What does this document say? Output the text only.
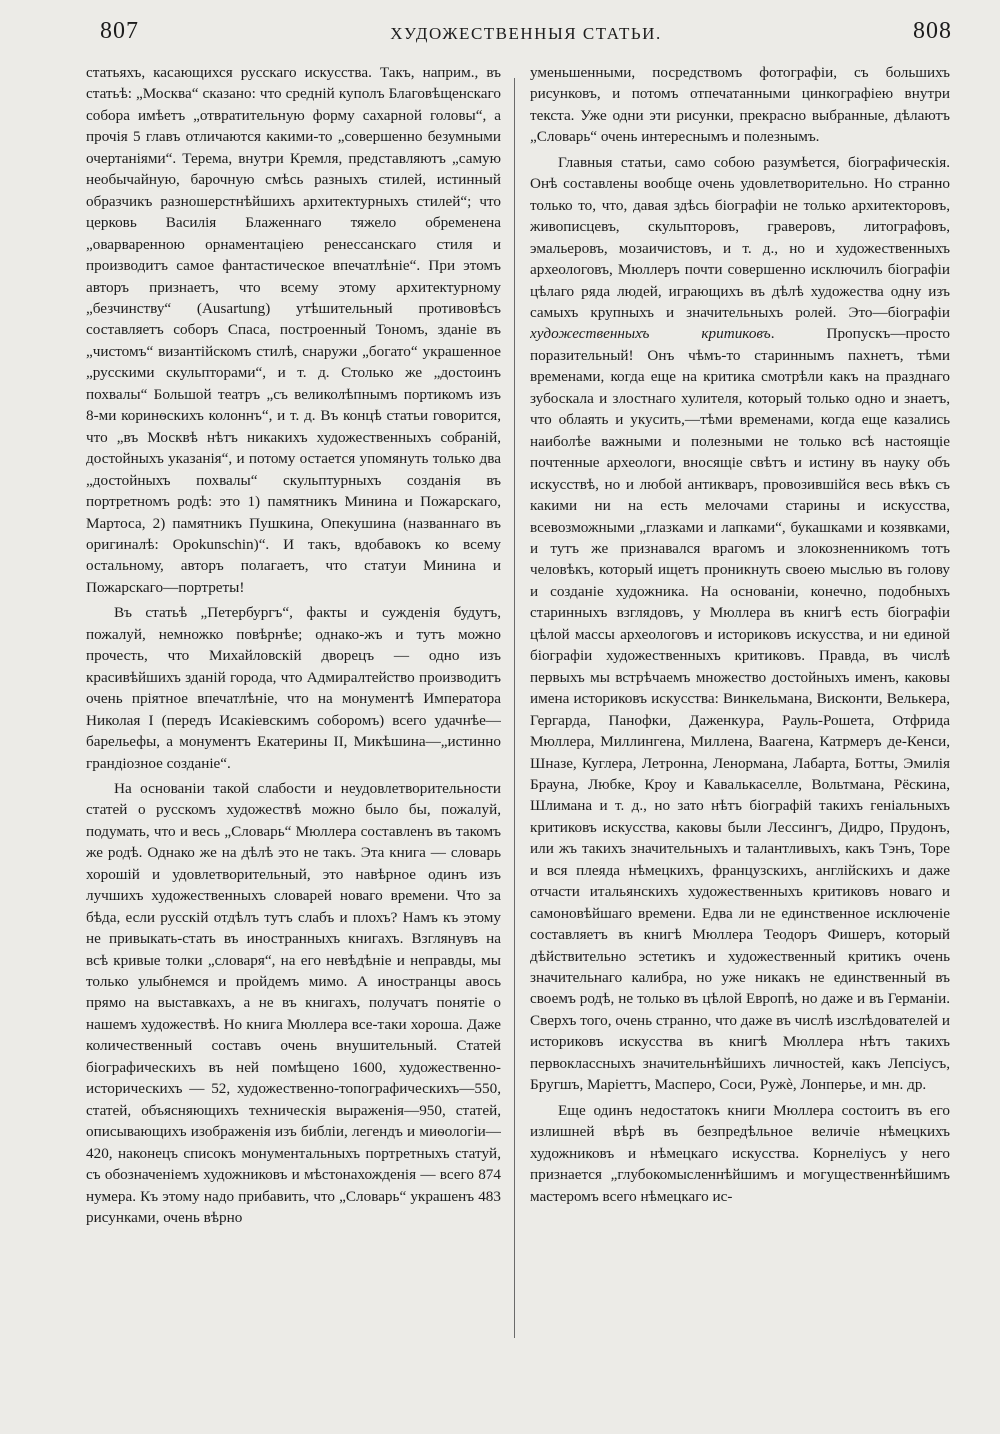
807	ХУДОЖЕСТВЕННЫЯ СТАТЬИ.	808

статьяхъ, касающихся русскаго искусства. Такъ, наприм., въ статьѣ: „Москва“ сказано: что средній куполъ Благовѣщенскаго собора имѣетъ „отвратительную форму сахарной головы“, а прочія 5 главъ отличаются какими-то „совершенно безумными очертаніями“. Терема, внутри Кремля, представляютъ „самую необычайную, барочную смѣсь разныхъ стилей, истинный образчикъ разношерстнѣйшихъ архитектурныхъ стилей“; что церковь Василія Блаженнаго тяжело обременена „оварваренною орнаментаціею ренессанскаго стиля и производитъ самое фантастическое впечатлѣніе“. При этомъ авторъ признаетъ, что всему этому архитектурному „безчинству“ (Ausartung) утѣшительный противовѣсъ составляетъ соборъ Спаса, построенный Тономъ, зданіе въ „чистомъ“ византійскомъ стилѣ, снаружи „богато“ украшенное „русскими скульпторами“, и т. д. Столько же „достоинъ похвалы“ Большой театръ „съ великолѣпнымъ портикомъ изъ 8-ми коринѳскихъ колоннъ“, и т. д. Въ концѣ статьи говорится, что „въ Москвѣ нѣтъ никакихъ художественныхъ собраній, достойныхъ указанія“, и потому остается упомянуть только два „достойныхъ похвалы“ скульптурныхъ созданія въ портретномъ родѣ: это 1) памятникъ Минина и Пожарскаго, Мартоса, 2) памятникъ Пушкина, Опекушина (названнаго въ оригиналѣ: Opokunschin)“. И такъ, вдобавокъ ко всему остальному, авторъ полагаетъ, что статуи Минина и Пожарскаго—портреты!

Въ статьѣ „Петербургъ“, факты и сужденія будутъ, пожалуй, немножко повѣрнѣе; однако-жъ и тутъ можно прочесть, что Михайловскій дворецъ — одно изъ красивѣйшихъ зданій города, что Адмиралтейство производитъ очень пріятное впечатлѣніе, что на монументѣ Императора Николая I (передъ Исакіевскимъ соборомъ) всего удачнѣе—барельефы, а монументъ Екатерины II, Микѣшина—„истинно грандіозное созданіе“.

На основаніи такой слабости и неудовлетворительности статей о русскомъ художествѣ можно было бы, пожалуй, подумать, что и весь „Словарь“ Мюллера составленъ въ такомъ же родѣ. Однако же на дѣлѣ это не такъ. Эта книга — словарь хорошій и удовлетворительный, это навѣрное одинъ изъ лучшихъ художественныхъ словарей новаго времени. Что за бѣда, если русскій отдѣлъ тутъ слабъ и плохъ? Намъ къ этому не привыкать-стать въ иностранныхъ книгахъ. Взглянувъ на всѣ кривые толки „словаря“, на его невѣдѣніе и неправды, мы только улыбнемся и пройдемъ мимо. А иностранцы авось прямо на выставкахъ, а не въ книгахъ, получатъ понятіе о нашемъ художествѣ. Но книга Мюллера все-таки хороша. Даже количественный составъ очень внушительный. Статей біографическихъ въ ней помѣщено 1600, художественно-историческихъ — 52, художественно-топографическихъ—550, статей, объясняющихъ техническія выраженія—950, статей, описывающихъ изображенія изъ библіи, легендъ и миѳологіи—420, наконецъ списокъ монументальныхъ портретныхъ статуй, съ обозначеніемъ художниковъ и мѣстонахожденія — всего 874 нумера. Къ этому надо прибавить, что „Словарь“ украшенъ 483 рисунками, очень вѣрно

уменьшенными, посредствомъ фотографіи, съ большихъ рисунковъ, и потомъ отпечатанными цинкографіею внутри текста. Уже одни эти рисунки, прекрасно выбранные, дѣлаютъ „Словарь“ очень интереснымъ и полезнымъ.

Главныя статьи, само собою разумѣется, біографическія. Онѣ составлены вообще очень удовлетворительно. Но странно только то, что, давая здѣсь біографіи не только архитекторовъ, живописцевъ, скульпторовъ, граверовъ, литографовъ, эмальеровъ, мозаичистовъ, и т. д., но и художественныхъ археологовъ, Мюллеръ почти совершенно исключилъ біографіи цѣлаго ряда людей, играющихъ въ дѣлѣ художества одну изъ самыхъ крупныхъ и значительныхъ ролей. Это—біографіи художественныхъ критиковъ. Пропускъ—просто поразительный! Онъ чѣмъ-то стариннымъ пахнетъ, тѣми временами, когда еще на критика смотрѣли какъ на празднаго зубоскала и злостнаго хулителя, который только одно и знаетъ, что облаять и укусить,—тѣми временами, когда еще казались наиболѣе важными и полезными не только всѣ настоящіе почтенные археологи, вносящіе свѣтъ и истину въ науку объ искусствѣ, но и любой антикваръ, провозившійся весь вѣкъ съ какими ни на есть мелочами старины и искусства, всевозможными „глазками и лапками“, букашками и козявками, и тутъ же признавался врагомъ и злокозненникомъ тотъ человѣкъ, который ищетъ проникнуть своею мыслью въ голову и созданіе художника. На основаніи, конечно, подобныхъ старинныхъ взглядовъ, у Мюллера въ книгѣ есть біографіи цѣлой массы археологовъ и историковъ искусства, и ни единой біографіи художественныхъ критиковъ. Правда, въ числѣ первыхъ мы встрѣчаемъ множество достойныхъ именъ, каковы имена историковъ искусства: Винкельмана, Висконти, Велькера, Гергарда, Панофки, Даженкура, Рауль-Рошета, Отфрида Мюллера, Миллингена, Миллена, Ваагена, Катрмеръ де-Кенси, Шназе, Куглера, Летронна, Ленормана, Лабарта, Ботты, Эмилія Брауна, Любке, Кроу и Кавалькаселле, Вольтмана, Рёскина, Шлимана и т. д., но зато нѣтъ біографій такихъ геніальныхъ критиковъ искусства, каковы были Лессингъ, Дидро, Прудонъ, или жъ такихъ значительныхъ и талантливыхъ, какъ Тэнъ, Торе и вся плеяда нѣмецкихъ, французскихъ, англійскихъ и даже отчасти итальянскихъ художественныхъ критиковъ новаго и самоновѣйшаго времени. Едва ли не единственное исключеніе составляетъ въ книгѣ Мюллера Теодоръ Фишеръ, который дѣйствительно эстетикъ и художественный критикъ очень значительнаго калибра, но уже никакъ не единственный въ своемъ родѣ, не только въ цѣлой Европѣ, но даже и въ Германіи. Сверхъ того, очень странно, что даже въ числѣ изслѣдователей и историковъ искусства въ книгѣ Мюллера нѣтъ такихъ первоклассныхъ значительнѣйшихъ личностей, какъ Лепсіусъ, Бругшъ, Маріеттъ, Масперо, Соси, Ружѐ, Лонперье, и мн. др.

Еще одинъ недостатокъ книги Мюллера состоитъ въ его излишней вѣрѣ въ безпредѣльное величіе нѣмецкихъ художниковъ и нѣмецкаго искусства. Корнеліусъ у него признается „глубокомысленнѣйшимъ и могущественнѣйшимъ мастеромъ всего нѣмецкаго ис-
